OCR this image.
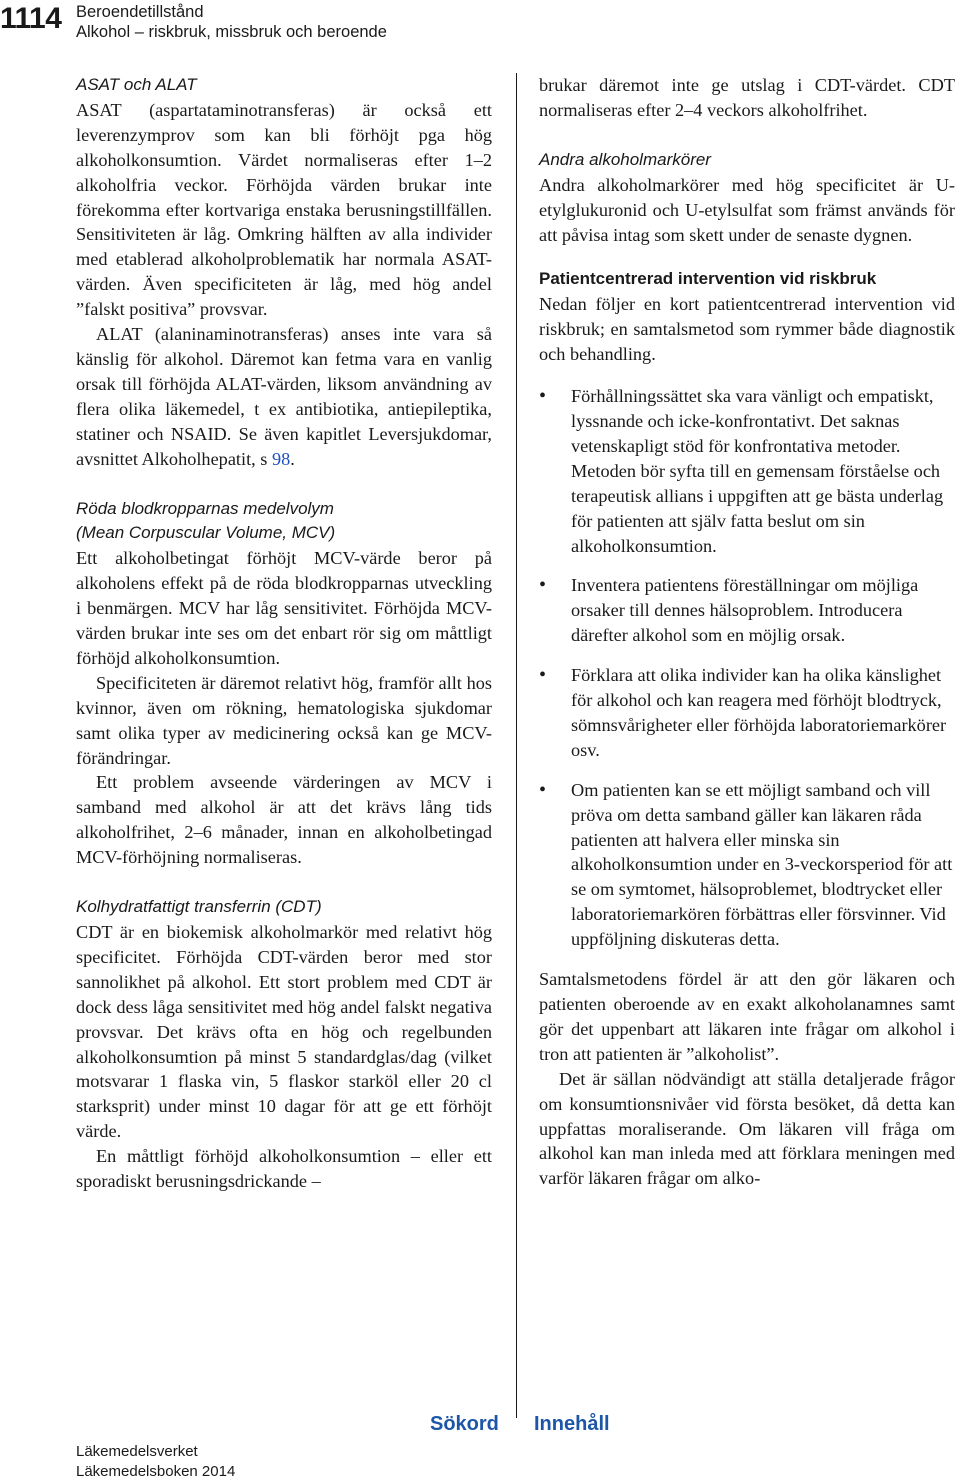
1114 Beroendetillstånd
Alkohol – riskbruk, missbruk och beroende

ASAT och ALAT

ASAT (aspartataminotransferas) är också ett leverenzymprov som kan bli förhöjt pga hög alkoholkonsumtion. Värdet normaliseras efter 1–2 alkoholfria veckor. Förhöjda värden brukar inte förekomma efter kortvariga enstaka berusningstillfällen. Sensitiviteten är låg. Omkring hälften av alla individer med etablerad alkoholproblematik har normala ASAT-värden. Även specificiteten är låg, med hög andel ”falskt positiva” provsvar.

ALAT (alaninaminotransferas) anses inte vara så känslig för alkohol. Däremot kan fetma vara en vanlig orsak till förhöjda ALAT-värden, liksom användning av flera olika läkemedel, t ex antibiotika, antiepileptika, statiner och NSAID. Se även kapitlet Leversjukdomar, avsnittet Alkoholhepatit, s 98.

Röda blodkropparnas medelvolym

(Mean Corpuscular Volume, MCV)

Ett alkoholbetingat förhöjt MCV-värde beror på alkoholens effekt på de röda blodkropparnas utveckling i benmärgen. MCV har låg sensitivitet. Förhöjda MCV-värden brukar inte ses om det enbart rör sig om måttligt förhöjd alkoholkonsumtion.

Specificiteten är däremot relativt hög, framför allt hos kvinnor, även om rökning, hematologiska sjukdomar samt olika typer av medicinering också kan ge MCV-förändringar.

Ett problem avseende värderingen av MCV i samband med alkohol är att det krävs lång tids alkoholfrihet, 2–6 månader, innan en alkoholbetingad MCV-förhöjning normaliseras.

Kolhydratfattigt transferrin (CDT)

CDT är en biokemisk alkoholmarkör med relativt hög specificitet. Förhöjda CDT-värden beror med stor sannolikhet på alkohol. Ett stort problem med CDT är dock dess låga sensitivitet med hög andel falskt negativa provsvar. Det krävs ofta en hög och regelbunden alkoholkonsumtion på minst 5 standardglas/dag (vilket motsvarar 1 flaska vin, 5 flaskor starköl eller 20 cl starksprit) under minst 10 dagar för att ge ett förhöjt värde.

En måttligt förhöjd alkoholkonsumtion – eller ett sporadiskt berusningsdrickande –

brukar däremot inte ge utslag i CDT-värdet. CDT normaliseras efter 2–4 veckors alkoholfrihet.

Andra alkoholmarkörer

Andra alkoholmarkörer med hög specificitet är U-etylglukuronid och U-etylsulfat som främst används för att påvisa intag som skett under de senaste dygnen.

Patientcentrerad intervention vid riskbruk

Nedan följer en kort patientcentrerad intervention vid riskbruk; en samtalsmetod som rymmer både diagnostik och behandling.

• Förhållningssättet ska vara vänligt och empatiskt, lyssnande och icke-konfrontativt. Det saknas vetenskapligt stöd för konfrontativa metoder. Metoden bör syfta till en gemensam förståelse och terapeutisk allians i uppgiften att ge bästa underlag för patienten att själv fatta beslut om sin alkoholkonsumtion.
• Inventera patientens föreställningar om möjliga orsaker till dennes hälsoproblem. Introducera därefter alkohol som en möjlig orsak.
• Förklara att olika individer kan ha olika känslighet för alkohol och kan reagera med förhöjt blodtryck, sömnsvårigheter eller förhöjda laboratoriemarkörer osv.
• Om patienten kan se ett möjligt samband och vill pröva om detta samband gäller kan läkaren råda patienten att halvera eller minska sin alkoholkonsumtion under en 3-veckorsperiod för att se om symtomet, hälsoproblemet, blodtrycket eller laboratoriemarkören förbättras eller försvinner. Vid uppföljning diskuteras detta.

Samtalsmetodens fördel är att den gör läkaren och patienten oberoende av en exakt alkoholanamnes samt gör det uppenbart att läkaren inte frågar om alkohol i tron att patienten är ”alkoholist”.

Det är sällan nödvändigt att ställa detaljerade frågor om konsumtionsnivåer vid första besöket, då detta kan uppfattas moraliserande. Om läkaren vill fråga om alkohol kan man inleda med att förklara meningen med varför läkaren frågar om alko-

Sökord Innehåll
Läkemedelsverket
Läkemedelsboken 2014
